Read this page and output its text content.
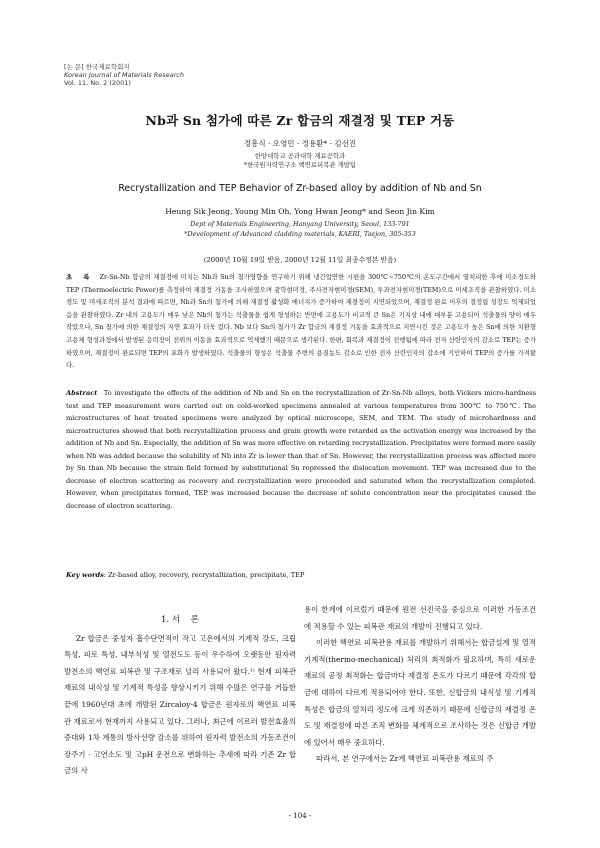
[논 문] 한국재료학회지
Korean Journal of Materials Research
Vol. 11, No. 2 (2001)
Nb과 Sn 첨가에 따른 Zr 합금의 재결정 및 TEP 거동
정흥식 · 오영민 · 정용환* · 김선진
한양대학교 공과대학 재료공학과
*한국원자력연구소 핵연료피복관 개발팀
Recrystallization and TEP Behavior of Zr-based alloy by addition of Nb and Sn
Heung Sik Jeong, Young Min Oh, Yong Hwan Jeong* and Seon Jin Kim
Dept of Materials Engineering, Hanyang University, Seoul, 133-791
*Development of Advanced cladding materials, KAERI, Taejon, 305-353
(2000년 10월 19일 받음, 2000년 12월 11일 최종수정본 받음)
초    록 Zr-Sn-Nb 합금의 재결정에 미치는 Nb과 Sn의 첨가영향을 연구하기 위해 냉간압연한 시편을 300℃~750℃의 온도구간에서 열처리한 후에 미소경도와 TEP (Thermoelectric Power)를 측정하여 재결정 거동을 조사하였으며 광학현미경, 주사전자현미경(SEM), 투과전자현미경(TEM)으로 미세조직을 관찰하였다. 미소경도 및 미세조직의 분석 결과에 따르면, Nb과 Sn의 첨가에 의해 재결정 활성화 에너지가 증가하여 재결정이 지연되었으며, 재결정 완료 이후의 결정립 성장도 억제되었음을 관찰하였다. Zr 내의 고용도가 매우 낮은 Nb의 첨가는 석출물을 쉽게 형성하는 반면에 고용도가 비교적 큰 Sn은 기지상 내에 대부분 고용되어 석출물의 양이 매우 작았으나, Sn 첨가에 의한 재결정의 지연 효과가 더욱 컸다. Nb 보다 Sn의 첨가가 Zr 합금의 재결정 거동을 효과적으로 지연시킨 것은 고용도가 높은 Sn에 의한 치환형 고용체 형성과정에서 발생된 응력장이 전위의 이동을 효과적으로 억제했기 때문으로 생각된다. 한편, 회복과 재결정이 진행됨에 따라 전자 산란인자의 감소로 TEP는 증가하였으며, 재결정이 완료되면 TEP의 포화가 발생하였다. 석출물의 형성은 석출물 주변의 용질농도 감소로 인한 전자 산란인자의 감소에 기인하여 TEP의 증가를 가져왔다.
Abstract To investigate the effects of the addition of Nb and Sn on the recrystallization of Zr-Sn-Nb alloys, both Vickers micro-hardness test and TEP measurement were carried out on cold-worked specimens annealed at various temperatures from 300℃ to 750℃. The microstructures of heat treated specimens were analyzed by optical microscope, SEM, and TEM. The study of microhardness and microstructures showed that both recrystallization process and grain growth were retarded as the activation energy was increased by the addition of Nb and Sn. Especially, the addition of Sn was more effective on retarding recrystallization. Precipitates were formed more easily when Nb was added because the solubility of Nb into Zr is lower than that of Sn. However, the recrystallization process was affected more by Sn than Nb because the strain field formed by substitutional Sn repressed the dislocation movement. TEP was increased due to the decrease of electron scattering as recovery and recrystallization were proceeded and saturated when the recrystallization completed. However, when precipitates formed, TEP was increased because the decrease of solute concentration near the precipitates caused the decrease of electron scattering.
Key words: Zr-based alloy, recovery, recrystallization, precipitate, TEP
1. 서    론

Zr 합금은 중성자 흡수단면적이 작고 고온에서의 기계적 강도, 크립 특성, 피로 특성, 내부식성 및 열전도도 등이 우수하여 오랫동안 원자력 발전소의 핵연료 피복관 및 구조재로 널리 사용되어 왔다.¹⁾ 현재 피복관 재료의 내식성 및 기계적 특성을 향상시키기 위해 수많은 연구를 거듭한 끝에 1960년대 초에 개발된 Zircaloy-4 합금은 원자로의 핵연료 피복관 재료로서 현재까지 사용되고 있다. 그러나, 최근에 이르러 발전효율의 증대와 1차 계통의 방사선량 감소를 위하여 원자력 발전소의 가동조건이 장주기 · 고연소도 및 고pH 운전으로 변화하는 추세에 따라 기존 Zr 합금의 사

용이 한계에 이르렀기 때문에 원전 선진국을 중심으로 이러한 가동조건에 적용할 수 있는 피복관 재료의 개발이 진행되고 있다.

이러한 핵연료 피복관용 재료를 개발하기 위해서는 합금설계 및 열적기계적(thermo-mechanical) 처리의 최적화가 필요하며, 특히 새로운 재료의 공정 최적화는 합금마다 재결정 온도가 다르기 때문에 각각의 합금에 대하여 다르게 적용되어야 한다. 또한, 신합금의 내식성 및 기계적 특성은 합금의 열처리 정도에 크게 의존하기 때문에 신합금의 재결정 온도 및 재결정에 따른 조직 변화를 체계적으로 조사하는 것은 신합금 개발에 있어서 매우 중요하다.

따라서, 본 연구에서는 Zr계 핵연료 피복관용 재료의 주

- 104 -
